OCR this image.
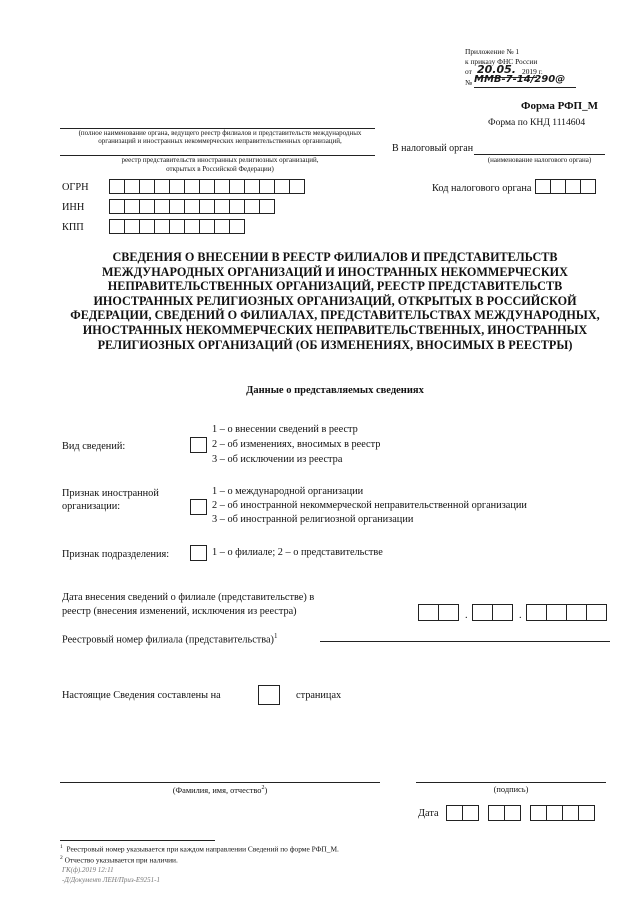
Приложение № 1
к приказу ФНС России
от 20.05. 2019 г.
№ ММВ-7-14/290@
Форма РФП_М
Форма по КНД 1114604
(полное наименование органа, ведущего реестр филиалов и представительств международных
организаций и иностранных некоммерческих неправительственных организаций,
реестр представительств иностранных религиозных организаций,
открытых в Российской Федерации)
В налоговый орган
(наименование налогового органа)
ОГРН
ИНН
КПП
Код налогового органа
СВЕДЕНИЯ О ВНЕСЕНИИ В РЕЕСТР ФИЛИАЛОВ И ПРЕДСТАВИТЕЛЬСТВ
МЕЖДУНАРОДНЫХ ОРГАНИЗАЦИЙ И ИНОСТРАННЫХ НЕКОММЕРЧЕСКИХ
НЕПРАВИТЕЛЬСТВЕННЫХ ОРГАНИЗАЦИЙ, РЕЕСТР ПРЕДСТАВИТЕЛЬСТВ
ИНОСТРАННЫХ РЕЛИГИОЗНЫХ ОРГАНИЗАЦИЙ, ОТКРЫТЫХ В РОССИЙСКОЙ
ФЕДЕРАЦИИ, СВЕДЕНИЙ О ФИЛИАЛАХ, ПРЕДСТАВИТЕЛЬСТВАХ МЕЖДУНАРОДНЫХ,
ИНОСТРАННЫХ НЕКОММЕРЧЕСКИХ НЕПРАВИТЕЛЬСТВЕННЫХ, ИНОСТРАННЫХ
РЕЛИГИОЗНЫХ ОРГАНИЗАЦИЙ (ОБ ИЗМЕНЕНИЯХ, ВНОСИМЫХ В РЕЕСТРЫ)
Данные о представляемых сведениях
Вид сведений:
1 – о внесении сведений в реестр
2 – об изменениях, вносимых в реестр
3 – об исключении из реестра
Признак иностранной
организации:
1 – о международной организации
2 – об иностранной некоммерческой неправительственной организации
3 – об иностранной религиозной организации
Признак подразделения:	1 – о филиале; 2 – о представительстве
Дата внесения сведений о филиале (представительстве) в
реестр (внесения изменений, исключения из реестра)	.	.
Реестровый номер филиала (представительства)$^1$
Настоящие Сведения составлены на	страницах
(Фамилия, имя, отчество$^2$)	(подпись)
Дата
$^1$ Реестровый номер указывается при каждом направлении Сведений по форме РФП_М.
$^2$ Отчество указывается при наличии.
ГК(ф).2019 12:11
-Д/Документ ЛЕН/Приз-Е9251-1
